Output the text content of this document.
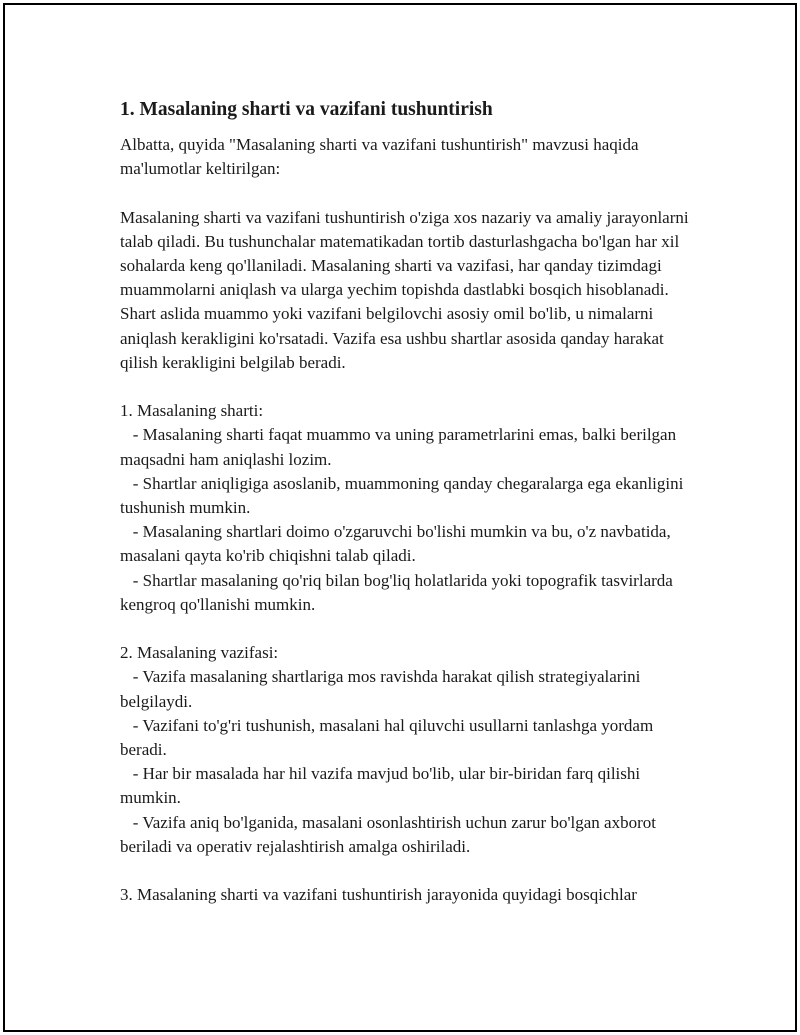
1. Masalaning sharti va vazifani tushuntirish

Albatta, quyida "Masalaning sharti va vazifani tushuntirish" mavzusi haqida ma'lumotlar keltirilgan:

Masalaning sharti va vazifani tushuntirish o'ziga xos nazariy va amaliy jarayonlarni talab qiladi. Bu tushunchalar matematikadan tortib dasturlashgacha bo'lgan har xil sohalarda keng qo'llaniladi. Masalaning sharti va vazifasi, har qanday tizimdagi muammolarni aniqlash va ularga yechim topishda dastlabki bosqich hisoblanadi. Shart aslida muammo yoki vazifani belgilovchi asosiy omil bo'lib, u nimalarni aniqlash kerakligini ko'rsatadi. Vazifa esa ushbu shartlar asosida qanday harakat qilish kerakligini belgilab beradi.

1. Masalaning sharti:

- Masalaning sharti faqat muammo va uning parametrlarini emas, balki berilgan maqsadni ham aniqlashi lozim.

- Shartlar aniqligiga asoslanib, muammoning qanday chegaralarga ega ekanligini tushunish mumkin.

- Masalaning shartlari doimo o'zgaruvchi bo'lishi mumkin va bu, o'z navbatida, masalani qayta ko'rib chiqishni talab qiladi.

- Shartlar masalaning qo'riq bilan bog'liq holatlarida yoki topografik tasvirlarda kengroq qo'llanishi mumkin.

2. Masalaning vazifasi:

- Vazifa masalaning shartlariga mos ravishda harakat qilish strategiyalarini belgilaydi.

- Vazifani to'g'ri tushunish, masalani hal qiluvchi usullarni tanlashga yordam beradi.

- Har bir masalada har hil vazifa mavjud bo'lib, ular bir-biridan farq qilishi mumkin.

- Vazifa aniq bo'lganida, masalani osonlashtirish uchun zarur bo'lgan axborot beriladi va operativ rejalashtirish amalga oshiriladi.

3. Masalaning sharti va vazifani tushuntirish jarayonida quyidagi bosqichlar
